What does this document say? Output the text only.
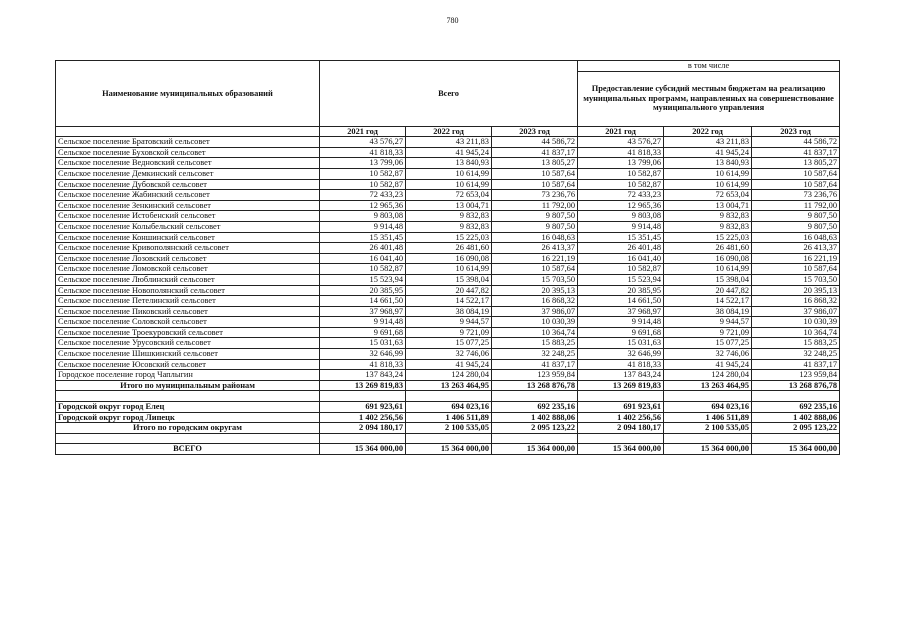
780
Наименование муниципальных образований	Всего			в том числе		
				Предоставление субсидий местным бюджетам на реализацию муниципальных программ, направленных на совершенствование муниципального управления		
	2021 год	2022 год	2023 год	2021 год	2022 год	2023 год
Сельское поселение Братовский сельсовет	43 576,27	43 211,83	44 586,72	43 576,27	43 211,83	44 586,72
Сельское поселение Буховской сельсовет	41 818,33	41 945,24	41 837,17	41 818,33	41 945,24	41 837,17
Сельское поселение Ведновский сельсовет	13 799,06	13 840,93	13 805,27	13 799,06	13 840,93	13 805,27
Сельское поселение Демкинский сельсовет	10 582,87	10 614,99	10 587,64	10 582,87	10 614,99	10 587,64
Сельское поселение Дубовской сельсовет	10 582,87	10 614,99	10 587,64	10 582,87	10 614,99	10 587,64
Сельское поселение Жабинский сельсовет	72 433,23	72 653,04	73 236,76	72 433,23	72 653,04	73 236,76
Сельское поселение Зенкинский сельсовет	12 965,36	13 004,71	11 792,00	12 965,36	13 004,71	11 792,00
Сельское поселение Истобенский сельсовет	9 803,08	9 832,83	9 807,50	9 803,08	9 832,83	9 807,50
Сельское поселение Колыбельский сельсовет	9 914,48	9 832,83	9 807,50	9 914,48	9 832,83	9 807,50
Сельское поселение Коншинский сельсовет	15 351,45	15 225,03	16 048,63	15 351,45	15 225,03	16 048,63
Сельское поселение Кривополянский сельсовет	26 401,48	26 481,60	26 413,37	26 401,48	26 481,60	26 413,37
Сельское поселение Лозовский сельсовет	16 041,40	16 090,08	16 221,19	16 041,40	16 090,08	16 221,19
Сельское поселение Ломовской сельсовет	10 582,87	10 614,99	10 587,64	10 582,87	10 614,99	10 587,64
Сельское поселение Люблинский сельсовет	15 523,94	15 398,04	15 703,50	15 523,94	15 398,04	15 703,50
Сельское поселение Новополянский сельсовет	20 385,95	20 447,82	20 395,13	20 385,95	20 447,82	20 395,13
Сельское поселение Петелинский сельсовет	14 661,50	14 522,17	16 868,32	14 661,50	14 522,17	16 868,32
Сельское поселение Пиковский сельсовет	37 968,97	38 084,19	37 986,07	37 968,97	38 084,19	37 986,07
Сельское поселение Соловской сельсовет	9 914,48	9 944,57	10 030,39	9 914,48	9 944,57	10 030,39
Сельское поселение Троекуровский сельсовет	9 691,68	9 721,09	10 364,74	9 691,68	9 721,09	10 364,74
Сельское поселение Урусовский сельсовет	15 031,63	15 077,25	15 883,25	15 031,63	15 077,25	15 883,25
Сельское поселение Шишкинский сельсовет	32 646,99	32 746,06	32 248,25	32 646,99	32 746,06	32 248,25
Сельское поселение Юсовский сельсовет	41 818,33	41 945,24	41 837,17	41 818,33	41 945,24	41 837,17
Городское поселение город Чаплыгин	137 843,24	124 280,04	123 959,84	137 843,24	124 280,04	123 959,84
Итого по муниципальным районам	13 269 819,83	13 263 464,95	13 268 876,78	13 269 819,83	13 263 464,95	13 268 876,78

Городской округ город Елец	691 923,61	694 023,16	692 235,16	691 923,61	694 023,16	692 235,16
Городской округ город Липецк	1 402 256,56	1 406 511,89	1 402 888,06	1 402 256,56	1 406 511,89	1 402 888,06
Итого по городским округам	2 094 180,17	2 100 535,05	2 095 123,22	2 094 180,17	2 100 535,05	2 095 123,22

ВСЕГО	15 364 000,00	15 364 000,00	15 364 000,00	15 364 000,00	15 364 000,00	15 364 000,00
